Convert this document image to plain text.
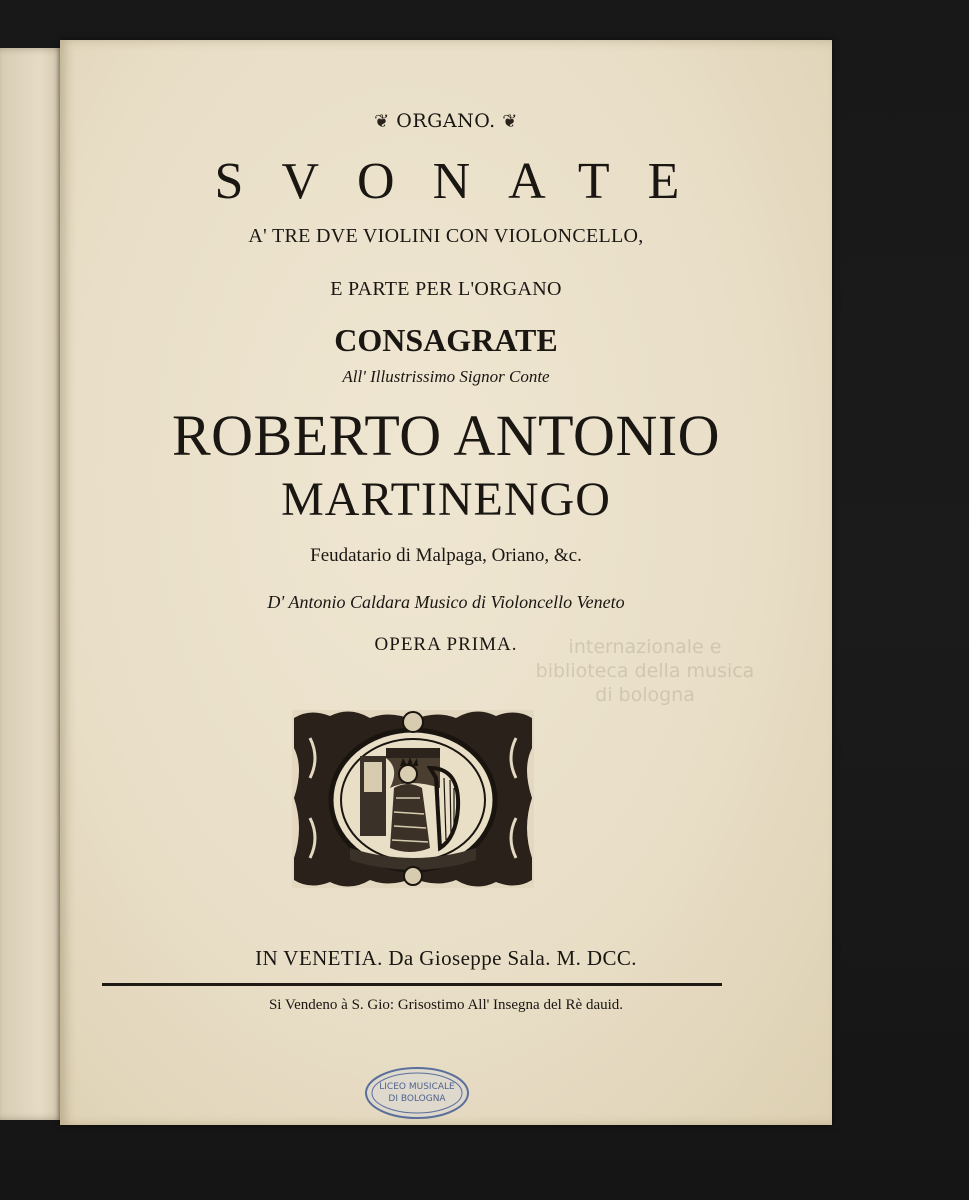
❦ ORGANO. ❦
SVONATE
A' TRE DVE VIOLINI CON VIOLONCELLO,
E PARTE PER L'ORGANO
CONSAGRATE
All' Illustrissimo Signor Conte
ROBERTO ANTONIO
MARTINENGO
Feudatario di Malpaga, Oriano, &c.
D' Antonio Caldara Musico di Violoncello Veneto
OPERA PRIMA.	internazionale e biblioteca della musica di bologna
IN VENETIA. Da Gioseppe Sala. M. DCC.
Si Vendeno à S. Gio: Grisostimo All' Insegna del Rè dauid.
LICEO MUSICALE
DI BOLOGNA
